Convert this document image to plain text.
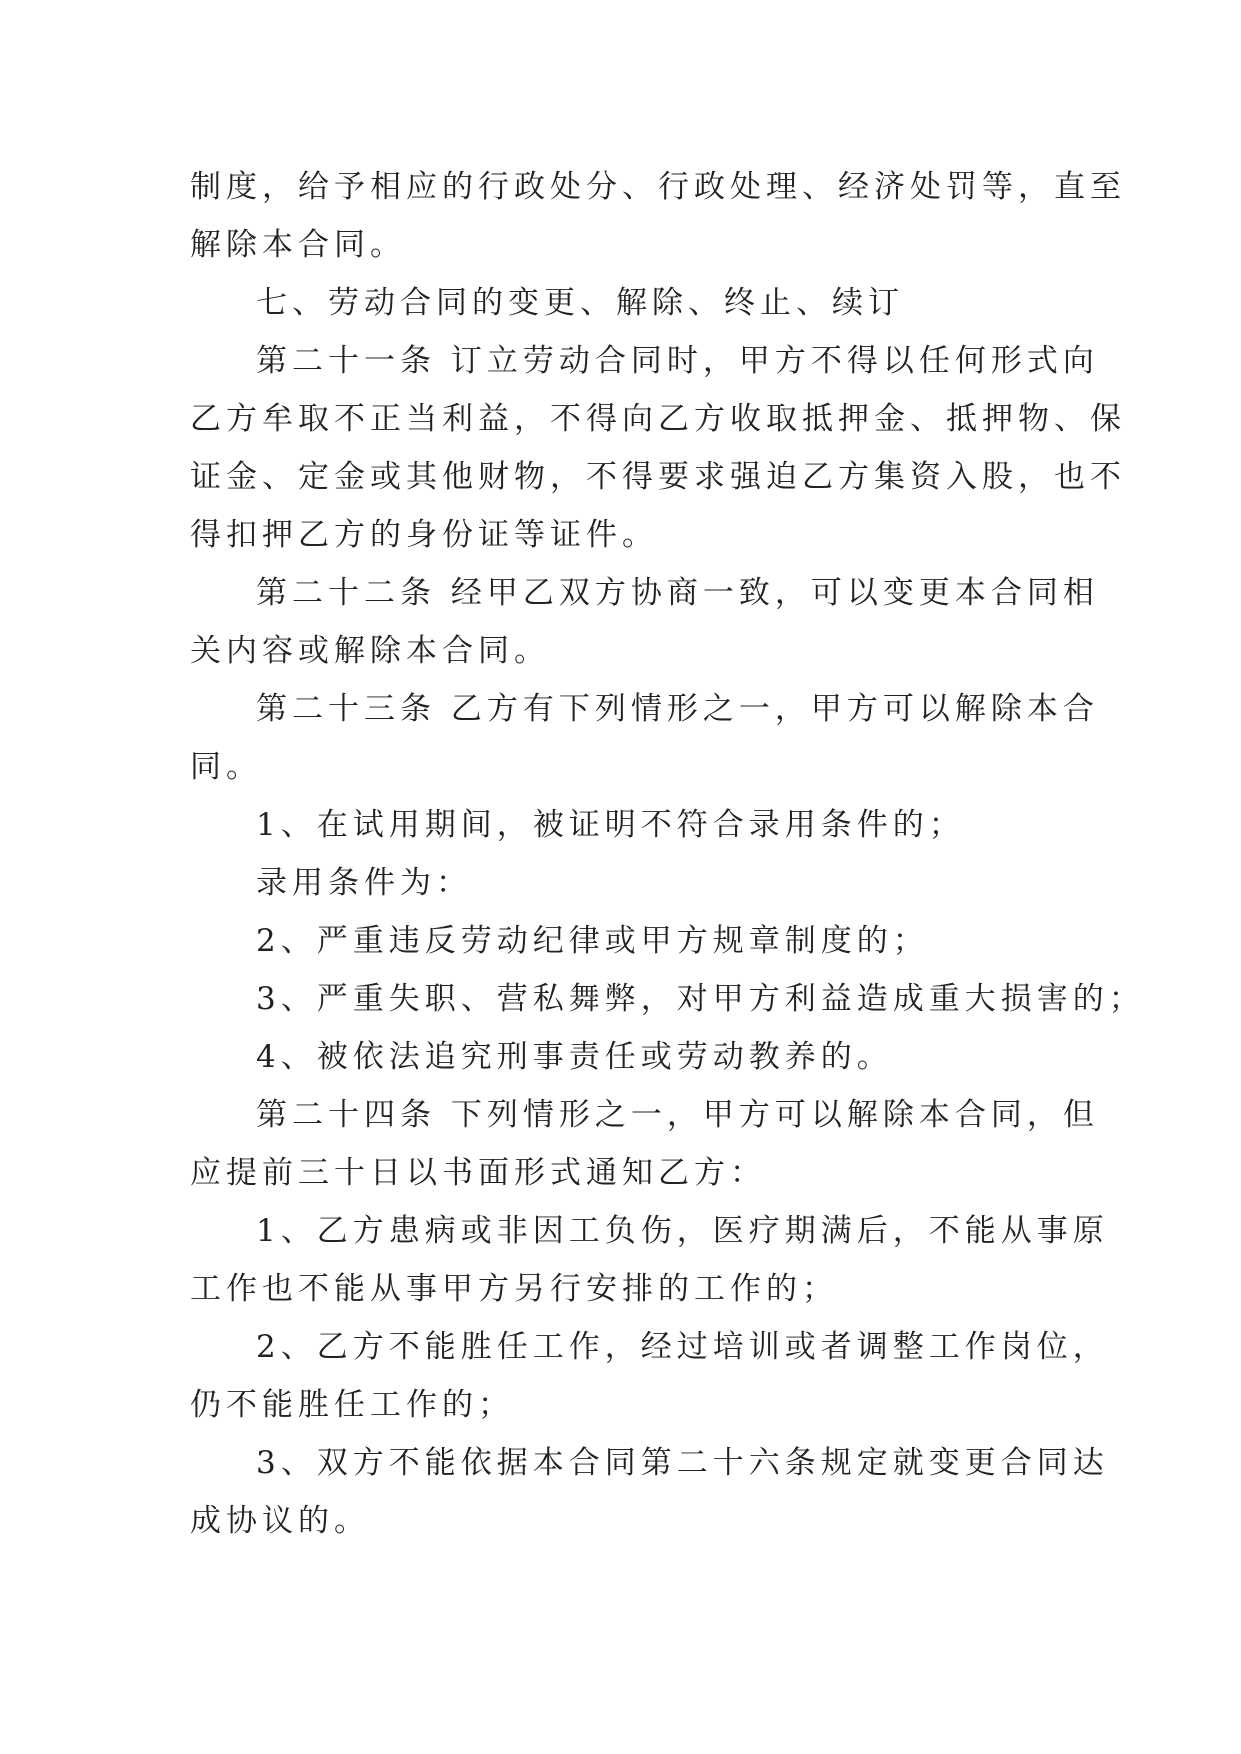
制度，给予相应的行政处分、行政处理、经济处罚等，直至

解除本合同。

七、劳动合同的变更、解除、终止、续订

第二十一条 订立劳动合同时，甲方不得以任何形式向

乙方牟取不正当利益，不得向乙方收取抵押金、抵押物、保

证金、定金或其他财物，不得要求强迫乙方集资入股，也不

得扣押乙方的身份证等证件。

第二十二条 经甲乙双方协商一致，可以变更本合同相

关内容或解除本合同。

第二十三条 乙方有下列情形之一，甲方可以解除本合

同。

1、在试用期间，被证明不符合录用条件的；

录用条件为：

2、严重违反劳动纪律或甲方规章制度的；

3、严重失职、营私舞弊，对甲方利益造成重大损害的；

4、被依法追究刑事责任或劳动教养的。

第二十四条 下列情形之一，甲方可以解除本合同，但

应提前三十日以书面形式通知乙方：

1、乙方患病或非因工负伤，医疗期满后，不能从事原

工作也不能从事甲方另行安排的工作的；

2、乙方不能胜任工作，经过培训或者调整工作岗位，

仍不能胜任工作的；

3、双方不能依据本合同第二十六条规定就变更合同达

成协议的。
